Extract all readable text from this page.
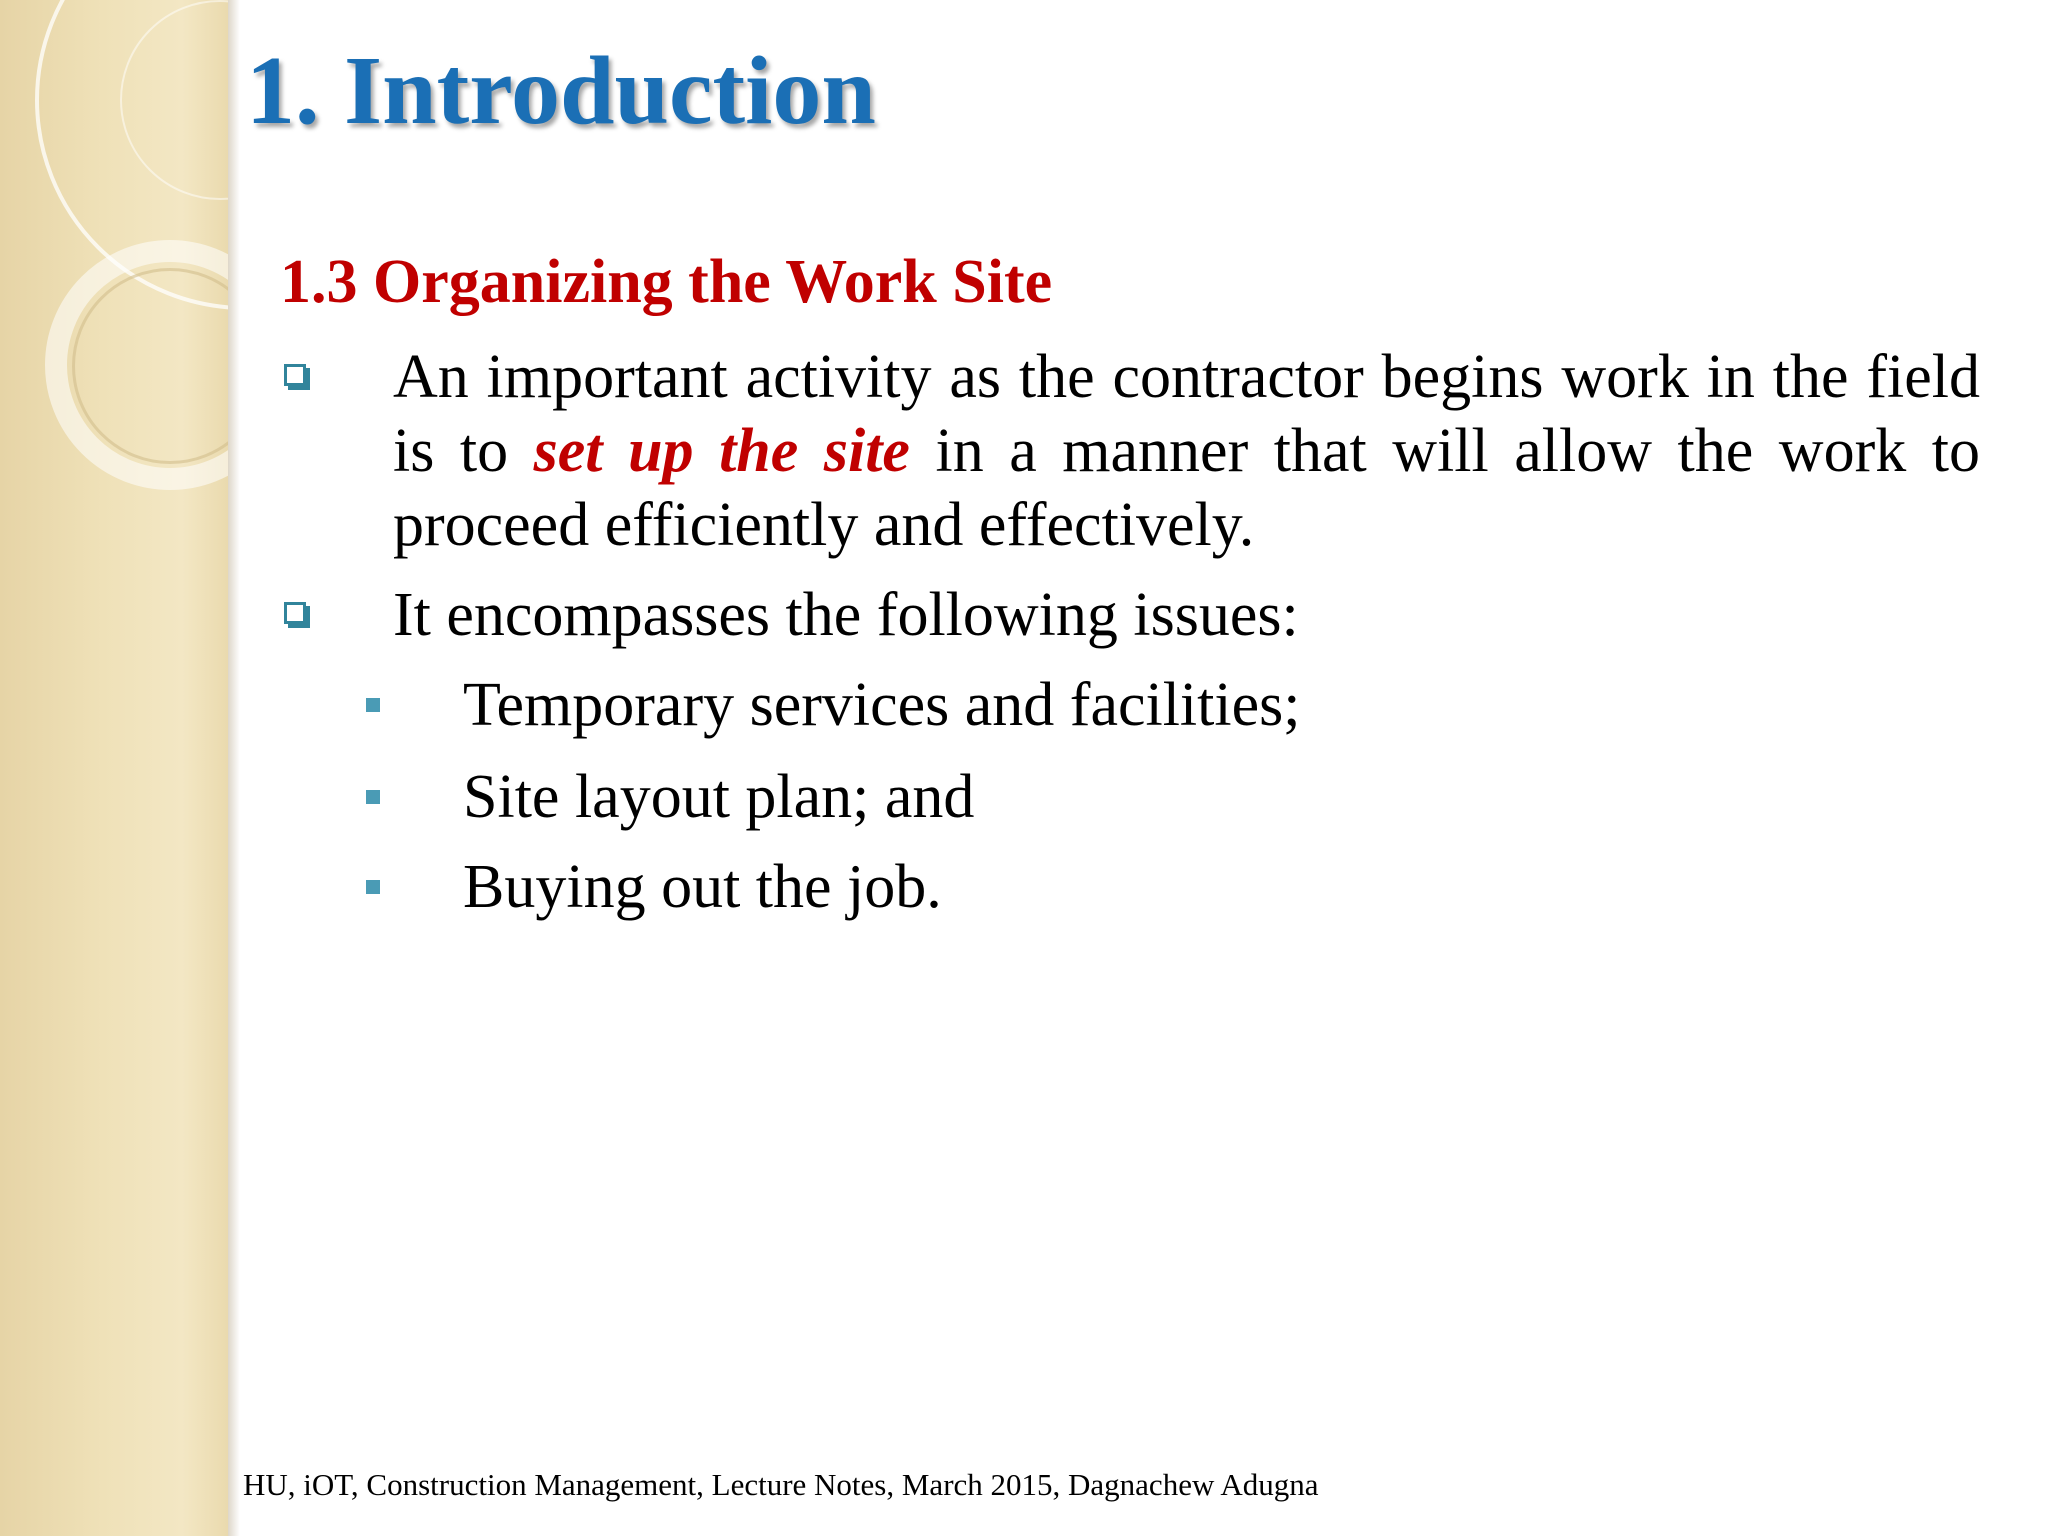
1. Introduction
1.3 Organizing the Work Site
An important activity as the contractor begins work in the field is to set up the site in a manner that will allow the work to proceed efficiently and effectively.
It encompasses the following issues:
Temporary services and facilities;
Site layout plan; and
Buying out the job.
HU, iOT, Construction Management, Lecture Notes, March 2015, Dagnachew Adugna
